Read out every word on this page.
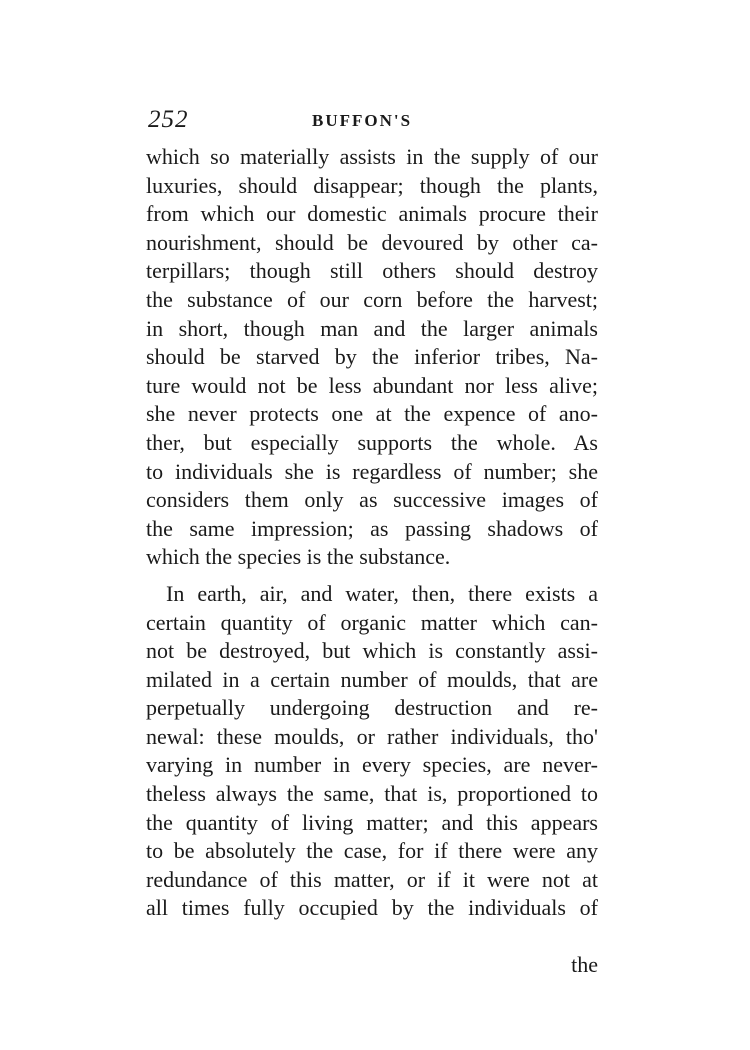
252	BUFFON'S
which so materially assists in the supply of our
luxuries, should disappear; though the plants,
from which our domestic animals procure their
nourishment, should be devoured by other ca-
terpillars; though still others should destroy
the substance of our corn before the harvest;
in short, though man and the larger animals
should be starved by the inferior tribes, Na-
ture would not be less abundant nor less alive;
she never protects one at the expence of ano-
ther, but especially supports the whole. As
to individuals she is regardless of number; she
considers them only as successive images of
the same impression; as passing shadows of
which the species is the substance.
In earth, air, and water, then, there exists a
certain quantity of organic matter which can-
not be destroyed, but which is constantly assi-
milated in a certain number of moulds, that are
perpetually undergoing destruction and re-
newal: these moulds, or rather individuals, tho'
varying in number in every species, are never-
theless always the same, that is, proportioned to
the quantity of living matter; and this appears
to be absolutely the case, for if there were any
redundance of this matter, or if it were not at
all times fully occupied by the individuals of
the
